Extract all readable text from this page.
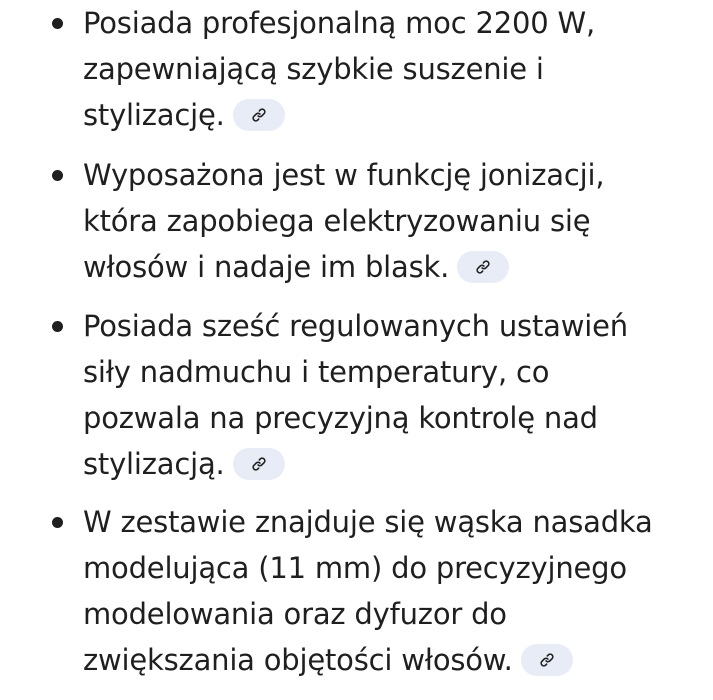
Posiada profesjonalną moc 2200 W,
zapewniającą szybkie suszenie i
stylizację.
Wyposażona jest w funkcję jonizacji,
która zapobiega elektryzowaniu się
włosów i nadaje im blask.
Posiada sześć regulowanych ustawień
siły nadmuchu i temperatury, co
pozwala na precyzyjną kontrolę nad
stylizacją.
W zestawie znajduje się wąska nasadka
modelująca (11 mm) do precyzyjnego
modelowania oraz dyfuzor do
zwiększania objętości włosów.
